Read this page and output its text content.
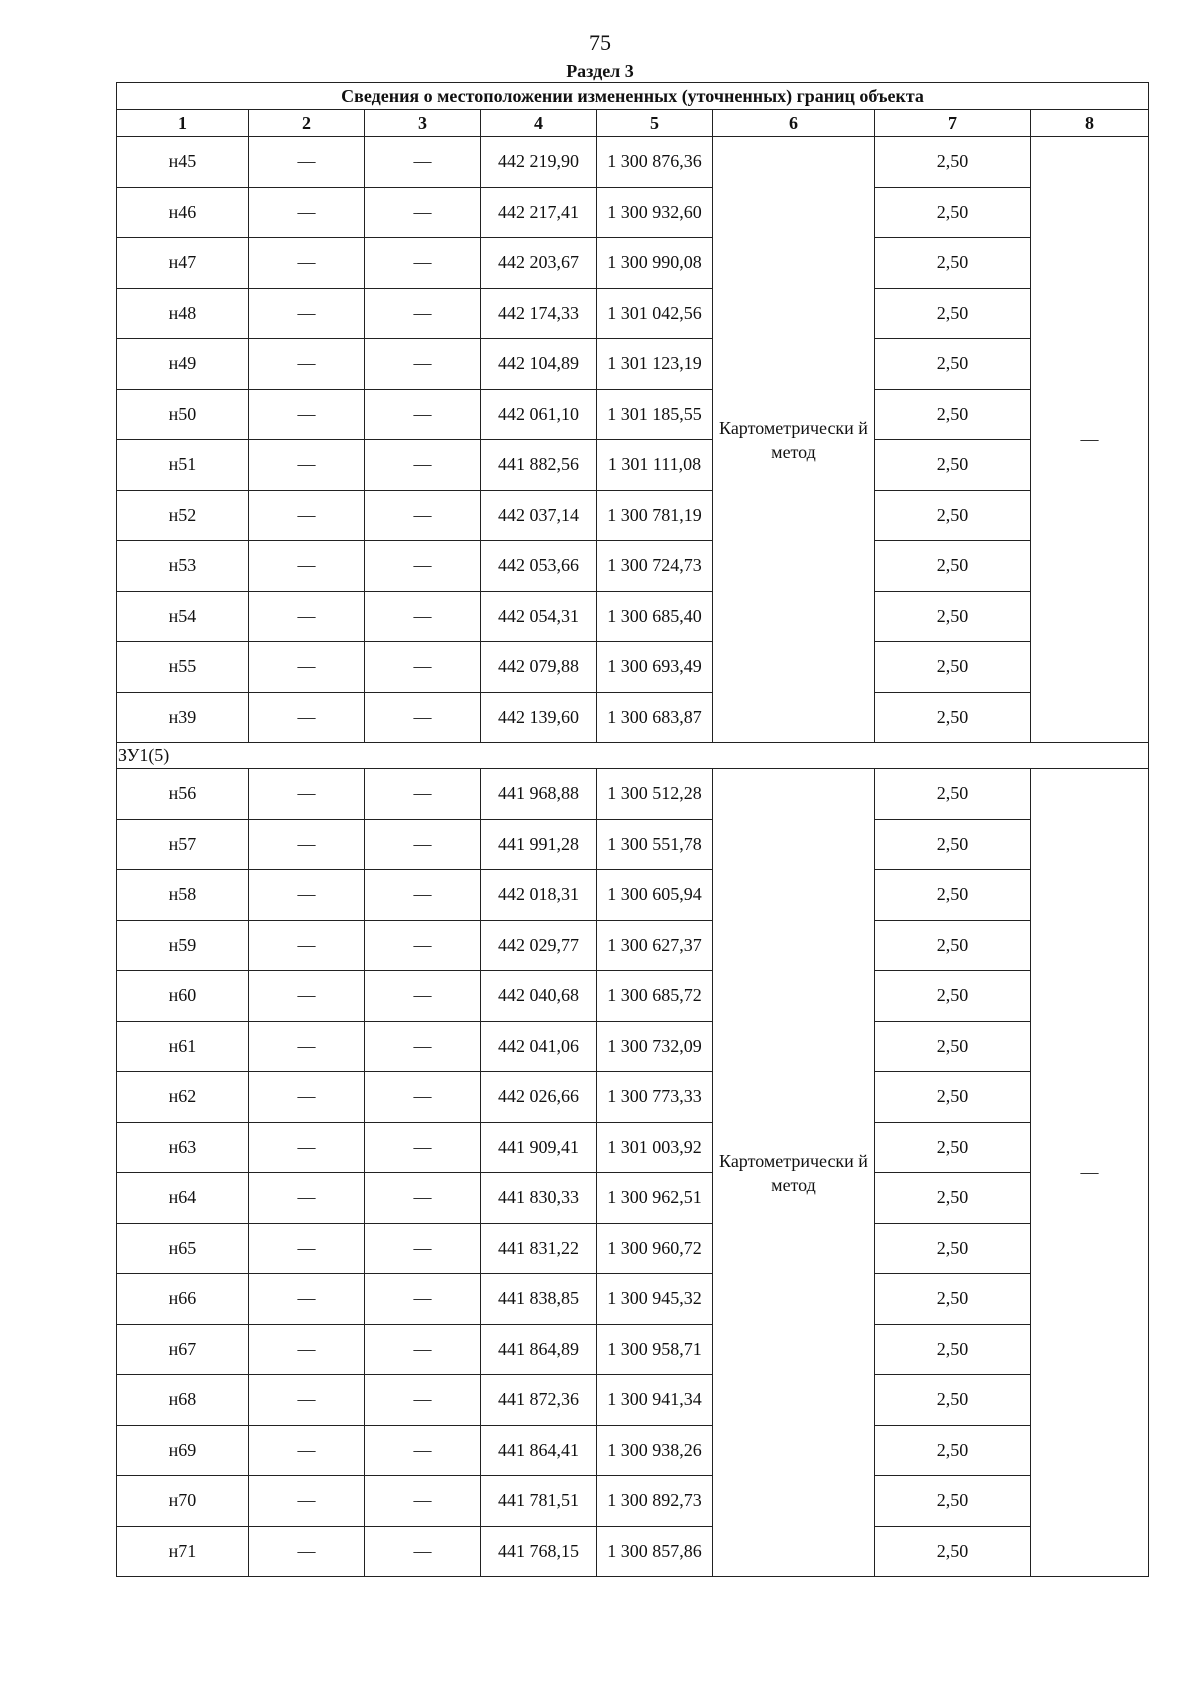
75
Раздел 3
Сведения о местоположении измененных (уточненных) границ объекта							
1	2	3	4	5	6	7	8
н45	—	—	442 219,90	1 300 876,36	Картометрически й метод	2,50	—
н46	—	—	442 217,41	1 300 932,60		2,50	
н47	—	—	442 203,67	1 300 990,08		2,50	
н48	—	—	442 174,33	1 301 042,56		2,50	
н49	—	—	442 104,89	1 301 123,19		2,50	
н50	—	—	442 061,10	1 301 185,55		2,50	
н51	—	—	441 882,56	1 301 111,08		2,50	
н52	—	—	442 037,14	1 300 781,19		2,50	
н53	—	—	442 053,66	1 300 724,73		2,50	
н54	—	—	442 054,31	1 300 685,40		2,50	
н55	—	—	442 079,88	1 300 693,49		2,50	
н39	—	—	442 139,60	1 300 683,87		2,50	
ЗУ1(5)							
н56	—	—	441 968,88	1 300 512,28	Картометрически й метод	2,50	—
н57	—	—	441 991,28	1 300 551,78		2,50	
н58	—	—	442 018,31	1 300 605,94		2,50	
н59	—	—	442 029,77	1 300 627,37		2,50	
н60	—	—	442 040,68	1 300 685,72		2,50	
н61	—	—	442 041,06	1 300 732,09		2,50	
н62	—	—	442 026,66	1 300 773,33		2,50	
н63	—	—	441 909,41	1 301 003,92		2,50	
н64	—	—	441 830,33	1 300 962,51		2,50	
н65	—	—	441 831,22	1 300 960,72		2,50	
н66	—	—	441 838,85	1 300 945,32		2,50	
н67	—	—	441 864,89	1 300 958,71		2,50	
н68	—	—	441 872,36	1 300 941,34		2,50	
н69	—	—	441 864,41	1 300 938,26		2,50	
н70	—	—	441 781,51	1 300 892,73		2,50	
н71	—	—	441 768,15	1 300 857,86		2,50	
